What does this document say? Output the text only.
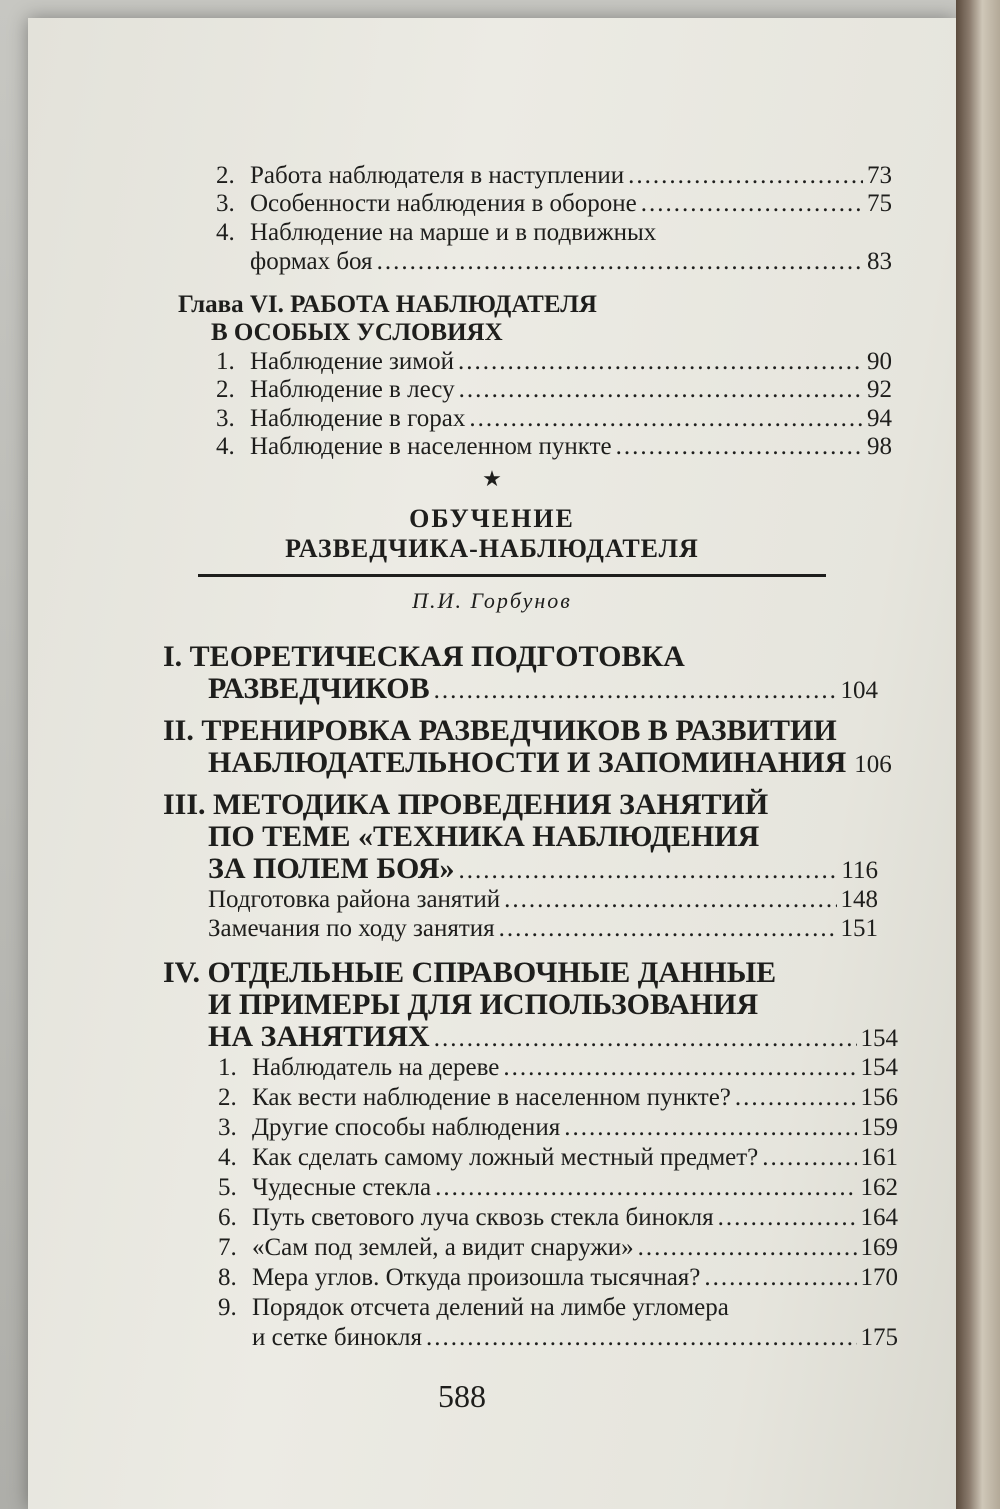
2. Работа наблюдателя в наступлении .....	73
3. Особенности наблюдения в обороне .....	75
4. Наблюдение на марше и в подвижных
формах боя .....	83
Глава VI. РАБОТА НАБЛЮДАТЕЛЯ
В ОСОБЫХ УСЛОВИЯХ
1. Наблюдение зимой .....	90
2. Наблюдение в лесу .....	92
3. Наблюдение в горах .....	94
4. Наблюдение в населенном пункте .....	98
★
ОБУЧЕНИЕ
РАЗВЕДЧИКА-НАБЛЮДАТЕЛЯ
П.И. Горбунов
I. ТЕОРЕТИЧЕСКАЯ ПОДГОТОВКА
РАЗВЕДЧИКОВ .....	104
II. ТРЕНИРОВКА РАЗВЕДЧИКОВ В РАЗВИТИИ
НАБЛЮДАТЕЛЬНОСТИ И ЗАПОМИНАНИЯ 106
III. МЕТОДИКА ПРОВЕДЕНИЯ ЗАНЯТИЙ
ПО ТЕМЕ «ТЕХНИКА НАБЛЮДЕНИЯ
ЗА ПОЛЕМ БОЯ» .....	116
Подготовка района занятий .....	148
Замечания по ходу занятия .....	151
IV. ОТДЕЛЬНЫЕ СПРАВОЧНЫЕ ДАННЫЕ
И ПРИМЕРЫ ДЛЯ ИСПОЛЬЗОВАНИЯ
НА ЗАНЯТИЯХ .....	154
1. Наблюдатель на дереве .....	154
2. Как вести наблюдение в населенном пункте? .....	156
3. Другие способы наблюдения .....	159
4. Как сделать самому ложный местный предмет? .....	161
5. Чудесные стекла .....	162
6. Путь светового луча сквозь стекла бинокля .....	164
7. «Сам под землей, а видит снаружи» .....	169
8. Мера углов. Откуда произошла тысячная? .....	170
9. Порядок отсчета делений на лимбе угломера
и сетке бинокля .....	175
588
